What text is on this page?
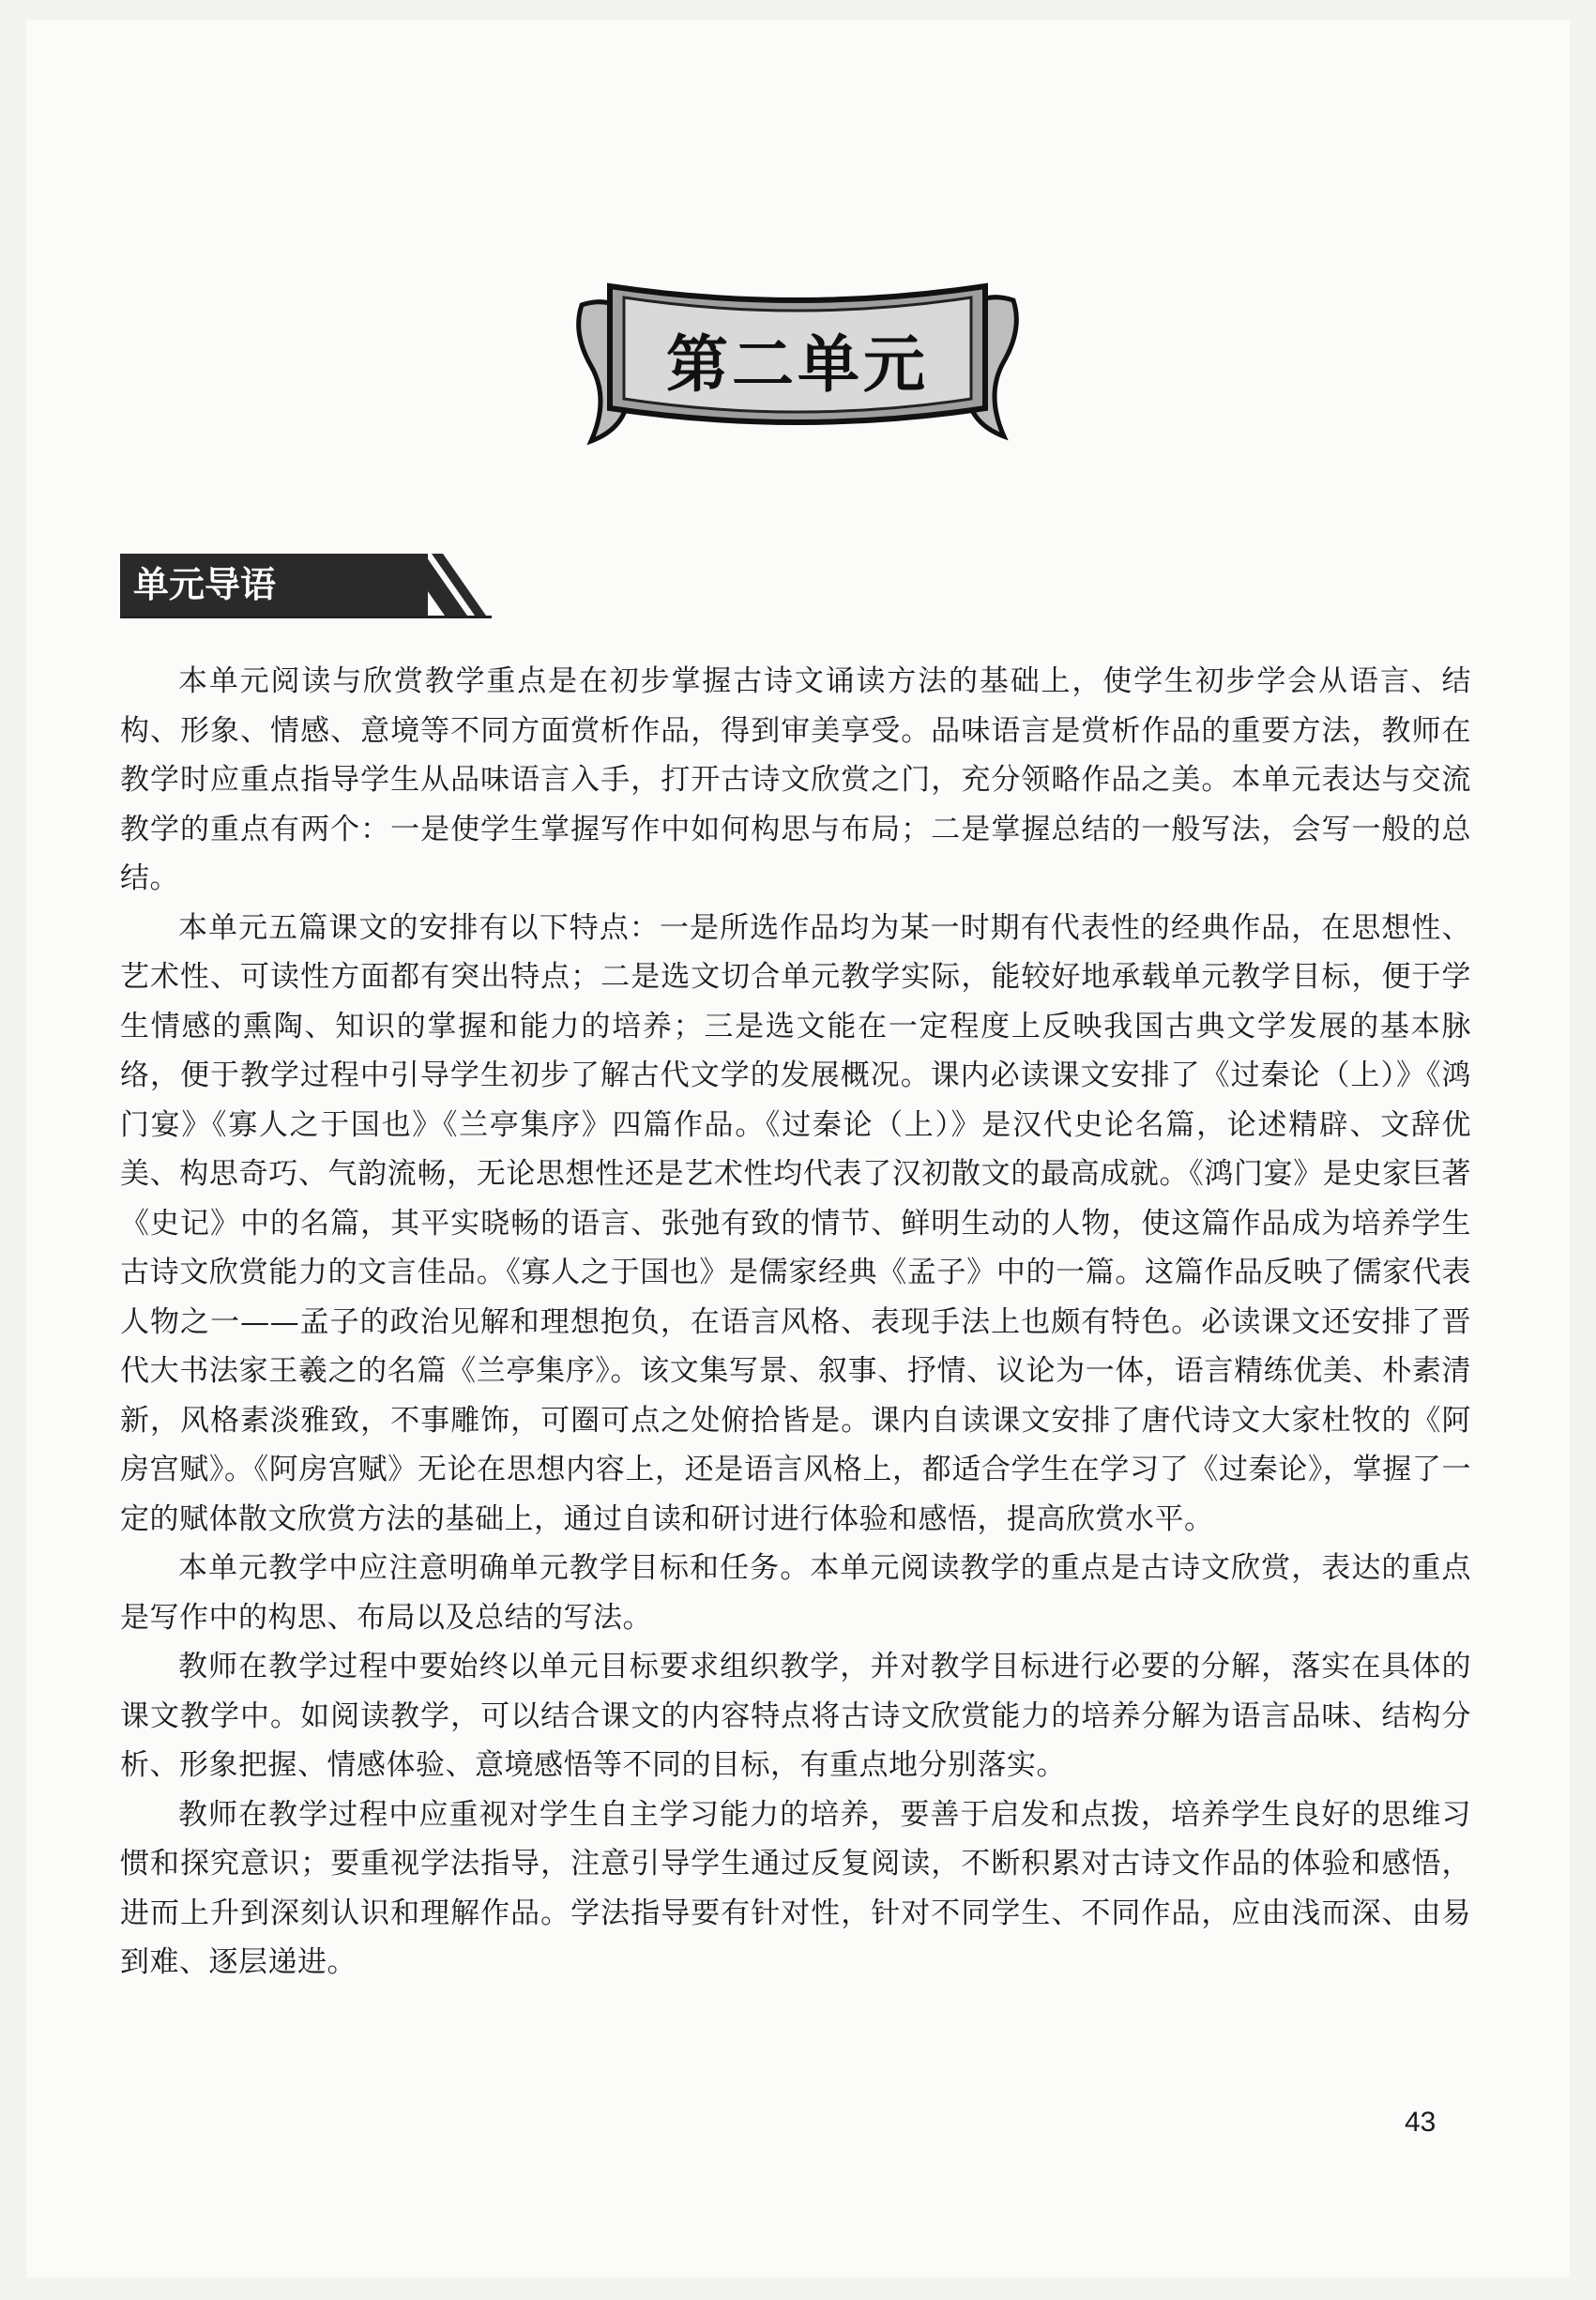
第二单元
单元导语

本单元阅读与欣赏教学重点是在初步掌握古诗文诵读方法的基础上，使学生初步学会从语言、结构、形象、情感、意境等不同方面赏析作品，得到审美享受。品味语言是赏析作品的重要方法，教师在教学时应重点指导学生从品味语言入手，打开古诗文欣赏之门，充分领略作品之美。本单元表达与交流教学的重点有两个：一是使学生掌握写作中如何构思与布局；二是掌握总结的一般写法，会写一般的总结。

本单元五篇课文的安排有以下特点：一是所选作品均为某一时期有代表性的经典作品，在思想性、艺术性、可读性方面都有突出特点；二是选文切合单元教学实际，能较好地承载单元教学目标，便于学生情感的熏陶、知识的掌握和能力的培养；三是选文能在一定程度上反映我国古典文学发展的基本脉络，便于教学过程中引导学生初步了解古代文学的发展概况。课内必读课文安排了《过秦论（上）》《鸿门宴》《寡人之于国也》《兰亭集序》四篇作品。《过秦论（上）》是汉代史论名篇，论述精辟、文辞优美、构思奇巧、气韵流畅，无论思想性还是艺术性均代表了汉初散文的最高成就。《鸿门宴》是史家巨著《史记》中的名篇，其平实晓畅的语言、张弛有致的情节、鲜明生动的人物，使这篇作品成为培养学生古诗文欣赏能力的文言佳品。《寡人之于国也》是儒家经典《孟子》中的一篇。这篇作品反映了儒家代表人物之一——孟子的政治见解和理想抱负，在语言风格、表现手法上也颇有特色。必读课文还安排了晋代大书法家王羲之的名篇《兰亭集序》。该文集写景、叙事、抒情、议论为一体，语言精练优美、朴素清新，风格素淡雅致，不事雕饰，可圈可点之处俯拾皆是。课内自读课文安排了唐代诗文大家杜牧的《阿房宫赋》。《阿房宫赋》无论在思想内容上，还是语言风格上，都适合学生在学习了《过秦论》，掌握了一定的赋体散文欣赏方法的基础上，通过自读和研讨进行体验和感悟，提高欣赏水平。

本单元教学中应注意明确单元教学目标和任务。本单元阅读教学的重点是古诗文欣赏，表达的重点是写作中的构思、布局以及总结的写法。

教师在教学过程中要始终以单元目标要求组织教学，并对教学目标进行必要的分解，落实在具体的课文教学中。如阅读教学，可以结合课文的内容特点将古诗文欣赏能力的培养分解为语言品味、结构分析、形象把握、情感体验、意境感悟等不同的目标，有重点地分别落实。

教师在教学过程中应重视对学生自主学习能力的培养，要善于启发和点拨，培养学生良好的思维习惯和探究意识；要重视学法指导，注意引导学生通过反复阅读，不断积累对古诗文作品的体验和感悟，进而上升到深刻认识和理解作品。学法指导要有针对性，针对不同学生、不同作品，应由浅而深、由易到难、逐层递进。

43
